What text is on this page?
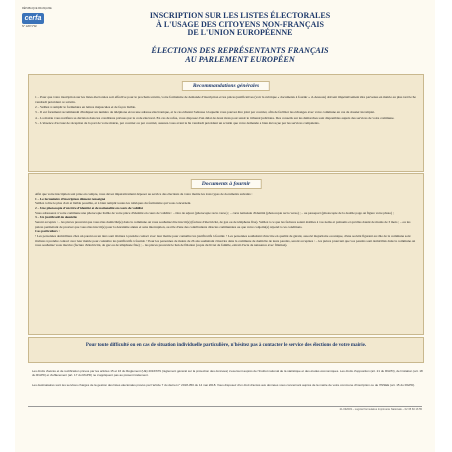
RÉPUBLIQUE FRANÇAISE
cerfa
N° 12671*02
INSCRIPTION SUR LES LISTES ÉLECTORALES
À L'USAGE DES CITOYENS NON-FRANÇAIS
DE L'UNION EUROPÉENNE
ÉLECTIONS DES REPRÉSENTANTS FRANÇAIS
AU PARLEMENT EUROPÉEN
Recommandations générales

1 – Pour que votre inscription sur les listes électorales soit effective pour le prochain scrutin, votre formulaire de demande d'inscription et les pièces justificatives (voir la rubrique « documents à fournir » ci-dessous) doivent impérativement être parvenus en mairie au plus tard le 6e vendredi précédent ce scrutin.

2 – Veillez à remplir le formulaire en lettres majuscules et de façon lisible.

3 – Il est fortement recommandé d'indiquer un numéro de téléphone et/ou une adresse électronique, et le cas échéant l'adresse à laquelle vous pouvez être joint par courrier, afin de faciliter les échanges avec votre commune en cas de dossier incomplet.

4 – La mairie vous notifiera sa décision dans les conditions prévues par le code électoral. En cas de refus, vous disposez d'un délai de deux mois pour saisir le tribunal judiciaire. Des conseils sur les démarches sont disponibles auprès des services de votre commune.

5 – L'absence d'accusé de réception de la part de votre mairie, par courrier ou par courriel, assurez-vous avant le 6e vendredi précédent un scrutin que votre demande a bien été reçue par les services compétents.

Documents à fournir

Afin que votre inscription soit prise en compte, vous devez impérativement déposer au service des élections de votre mairie les trois types de documents suivants :

1 – Le formulaire d'inscription dûment renseigné

Veillez à être le plus clair et lisible possible, et à bien remplir toutes les rubriques du formulaire qui vous concernent.

2 – Une photocopie d'un titre d'identité et de nationalité en cours de validité

Vous adresserez à votre commune une photocopie lisible de votre pièce d'identité en cours de validité : – titre de séjour (photocopie recto verso) ; – carte nationale d'identité (photocopie recto verso) ; – ou passeport (photocopie de la double page où figure votre photo) ;

3 – Un justificatif de domicile

Seront acceptés : – les pièces prouvant que vous êtes domicilié(e) dans la commune où vous souhaitez être inscrit(e) (facture d'électricité, de gaz ou de téléphone fixe). Veillez à ce que les factures soient établies à vos noms et prénoms et qu'elles datent de moins de 3 mois ; – ou les pièces permettant de prouver que vous êtes inscrit(e) pour la deuxième année et sans interruption, au rôle d'une des contributions directes communales ou que votre conjoint(e) répond à ces conditions.

Cas particuliers :

• Les personnes domiciliées chez un parent ou un tiers sont invitées à prendre contact avec leur mairie pour connaître les justificatifs à fournir. • Les personnes souhaitant s'inscrire en qualité de gérant, associé majoritaire ou unique, d'une société figurant au rôle de la commune sont invitées à prendre contact avec leur mairie pour connaître les justificatifs à fournir. • Pour les personnes de moins de 26 ans souhaitant s'inscrire dans la commune de domicile de leurs parents, seront acceptées : – les pièces prouvant que vos parents sont domiciliés dans la commune où vous souhaitez vous inscrire (facture d'électricité, de gaz ou de téléphone fixe) ; – les pièces prouvant le lien de filiation (copie du livret de famille, extrait d'acte de naissance avec filiation).

Pour toute difficulté ou en cas de situation individuelle particulière, n'hésitez pas à contacter le service des élections de votre mairie.
Les droits d'accès et de rectification prévus par les articles 15 et 16 du Règlement (UE) 2016/679 (règlement général sur la protection des données) s'exercent auprès de l'Institut national de la statistique et des études économiques. Les droits d'opposition (art. 21 du RGPD), de limitation (art. 18 du RGPD) et d'effacement (art. 17 du RGPD) ne s'appliquent pas au présent traitement.
Les destinataires sont les services chargés de la gestion des listes électorales prévus par l'article 7 du décret n° 2018-350 du 14 mai 2018. Vous disposez d'un droit d'accès aux données vous concernant auprès de la mairie de votre commune d'inscription ou de l'INSEE (art. 15 du RGPD).
21.032003 – Logiciel formulaires Imprimerie Nationale – 02 35 60 16 55
